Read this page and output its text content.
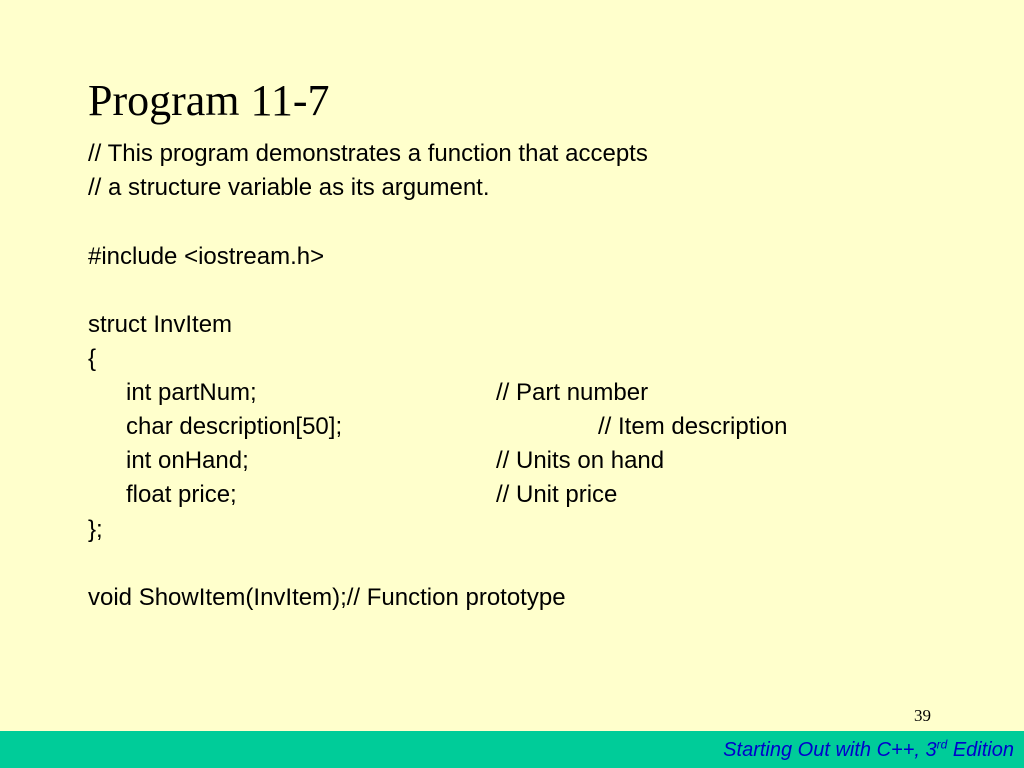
Program 11-7
// This program demonstrates a function that accepts
// a structure variable as its argument.
#include <iostream.h>
struct InvItem
{
int partNum;	// Part number
char description[50];	// Item description
int onHand;	// Units on hand
float price;	// Unit price
};
void ShowItem(InvItem);// Function prototype
39
Starting Out with C++, 3rd Edition
